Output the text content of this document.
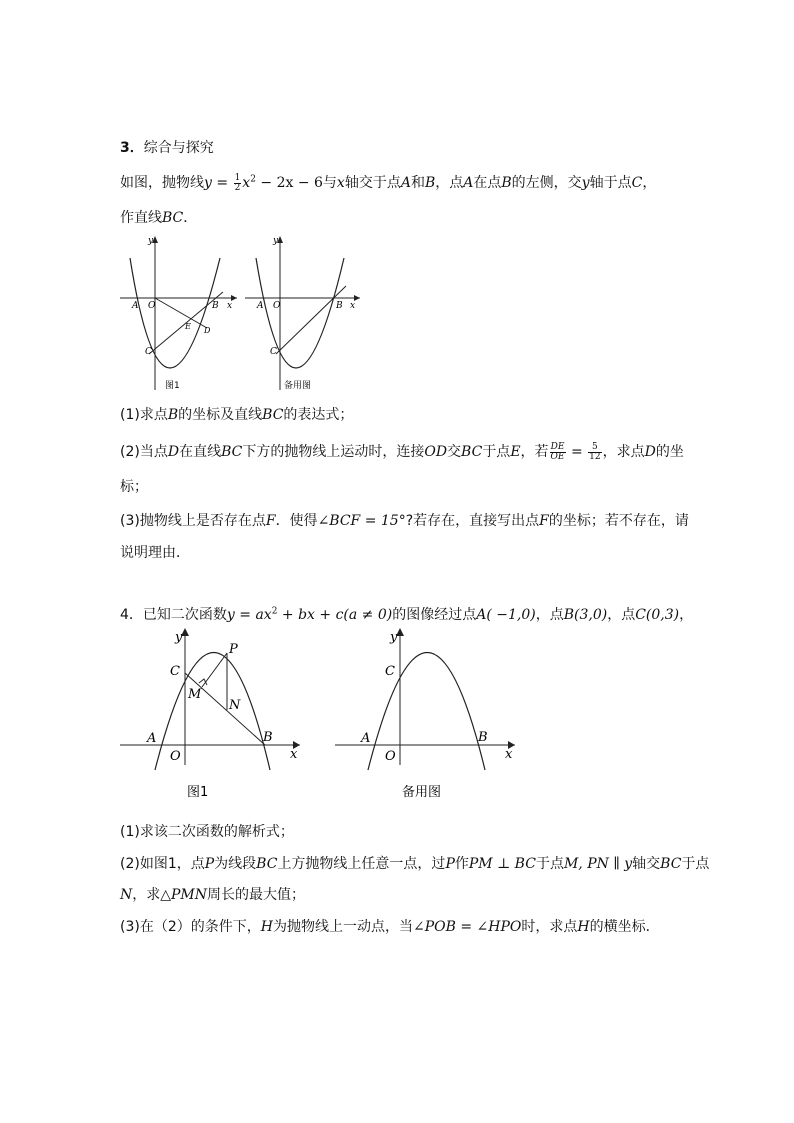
3．综合与探究
如图，抛物线$y = \frac{1}{2} x^2 - 2x - 6$与x轴交于点A和B，点A在点B的左侧，交y轴于点C，
作直线BC．
y
x
A O	B
C
D
E
图1
y
x
A O	B
C
备用图
(1)求点B的坐标及直线BC的表达式；
(2)当点D在直线BC下方的抛物线上运动时，连接OD交BC于点E，若 $\frac{DE}{OE} = \frac{5}{12}$ ，求点D的坐
标；
(3)抛物线上是否存在点F．使得∠BCF = 15°?若存在，直接写出点F的坐标；若不存在，请
说明理由．
4．已知二次函数$y = ax^2$ + bx + c(a ≠ 0)的图像经过点A( −1,0)，点B(3,0)，点C(0,3)，
y
x
A
O
B
C
P
M
N
图1
y
x
A
O
B
C
备用图
(1)求该二次函数的解析式；
(2)如图1，点P为线段BC上方抛物线上任意一点，过P作PM ⊥ BC于点M, PN ∥ y轴交BC于点
N，求△PMN周长的最大值；
(3)在（2）的条件下，H为抛物线上一动点，当∠POB = ∠HPO时，求点H的横坐标．
